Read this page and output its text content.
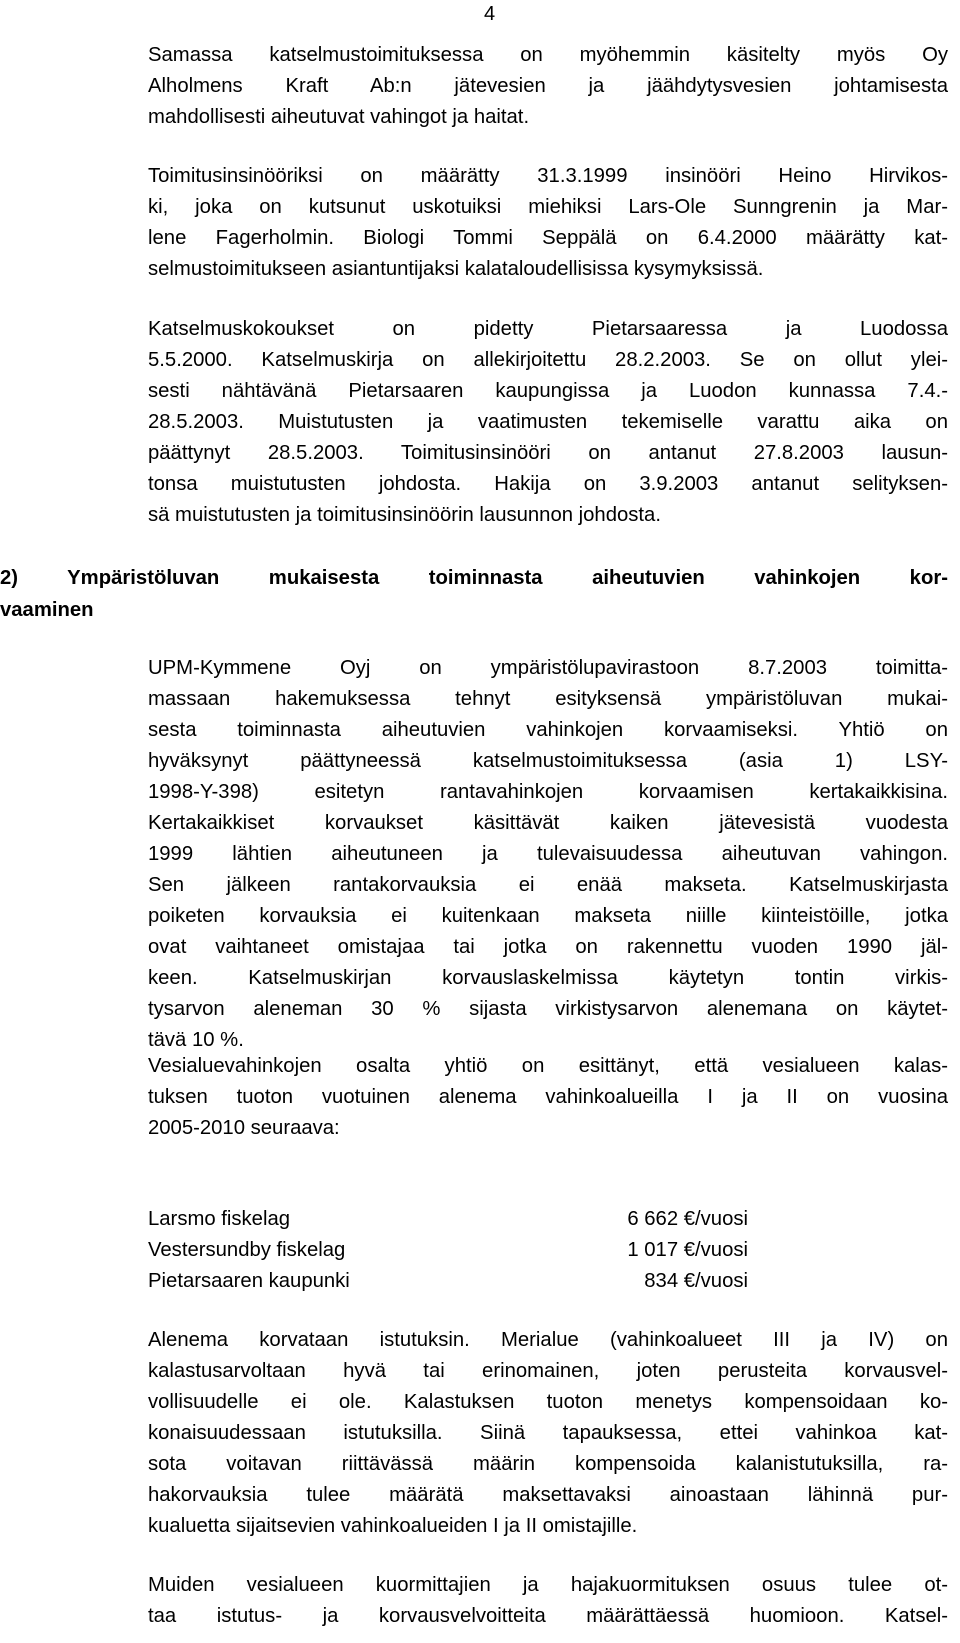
4
Samassa katselmustoimituksessa on myöhemmin käsitelty myös Oy
Alholmens Kraft Ab:n jätevesien ja jäähdytysvesien johtamisesta
mahdollisesti aiheutuvat vahingot ja haitat.
Toimitusinsinööriksi on määrätty 31.3.1999 insinööri Heino Hirvikos-
ki, joka on kutsunut uskotuiksi miehiksi Lars-Ole Sunngrenin ja Mar-
lene Fagerholmin. Biologi Tommi Seppälä on 6.4.2000 määrätty kat-
selmustoimitukseen asiantuntijaksi kalataloudellisissa kysymyksissä.
Katselmuskokoukset on pidetty Pietarsaaressa ja Luodossa
5.5.2000. Katselmuskirja on allekirjoitettu 28.2.2003. Se on ollut ylei-
sesti nähtävänä Pietarsaaren kaupungissa ja Luodon kunnassa 7.4.-
28.5.2003. Muistutusten ja vaatimusten tekemiselle varattu aika on
päättynyt 28.5.2003. Toimitusinsinööri on antanut 27.8.2003 lausun-
tonsa muistutusten johdosta. Hakija on 3.9.2003 antanut selityksen-
sä muistutusten ja toimitusinsinöörin lausunnon johdosta.
2) Ympäristöluvan mukaisesta toiminnasta aiheutuvien vahinkojen kor-
vaaminen
UPM-Kymmene Oyj on ympäristölupavirastoon 8.7.2003 toimitta-
massaan hakemuksessa tehnyt esityksensä ympäristöluvan mukai-
sesta toiminnasta aiheutuvien vahinkojen korvaamiseksi. Yhtiö on
hyväksynyt päättyneessä katselmustoimituksessa (asia 1) LSY-
1998-Y-398) esitetyn rantavahinkojen korvaamisen kertakaikkisina.
Kertakaikkiset korvaukset käsittävät kaiken jätevesistä vuodesta
1999 lähtien aiheutuneen ja tulevaisuudessa aiheutuvan vahingon.
Sen jälkeen rantakorvauksia ei enää makseta. Katselmuskirjasta
poiketen korvauksia ei kuitenkaan makseta niille kiinteistöille, jotka
ovat vaihtaneet omistajaa tai jotka on rakennettu vuoden 1990 jäl-
keen. Katselmuskirjan korvauslaskelmissa käytetyn tontin virkis-
tysarvon aleneman 30 % sijasta virkistysarvon alenemana on käytet-
tävä 10 %.
Vesialuevahinkojen osalta yhtiö on esittänyt, että vesialueen kalas-
tuksen tuoton vuotuinen alenema vahinkoalueilla I ja II on vuosina
2005-2010 seuraava:
Larsmo fiskelag	6 662 €/vuosi
Vestersundby fiskelag	1 017 €/vuosi
Pietarsaaren kaupunki	834 €/vuosi
Alenema korvataan istutuksin. Merialue (vahinkoalueet III ja IV) on
kalastusarvoltaan hyvä tai erinomainen, joten perusteita korvausvel-
vollisuudelle ei ole. Kalastuksen tuoton menetys kompensoidaan ko-
konaisuudessaan istutuksilla. Siinä tapauksessa, ettei vahinkoa kat-
sota voitavan riittävässä määrin kompensoida kalanistutuksilla, ra-
hakorvauksia tulee määrätä maksettavaksi ainoastaan lähinnä pur-
kualuetta sijaitsevien vahinkoalueiden I ja II omistajille.
Muiden vesialueen kuormittajien ja hajakuormituksen osuus tulee ot-
taa istutus- ja korvausvelvoitteita määrättäessä huomioon. Katsel-
